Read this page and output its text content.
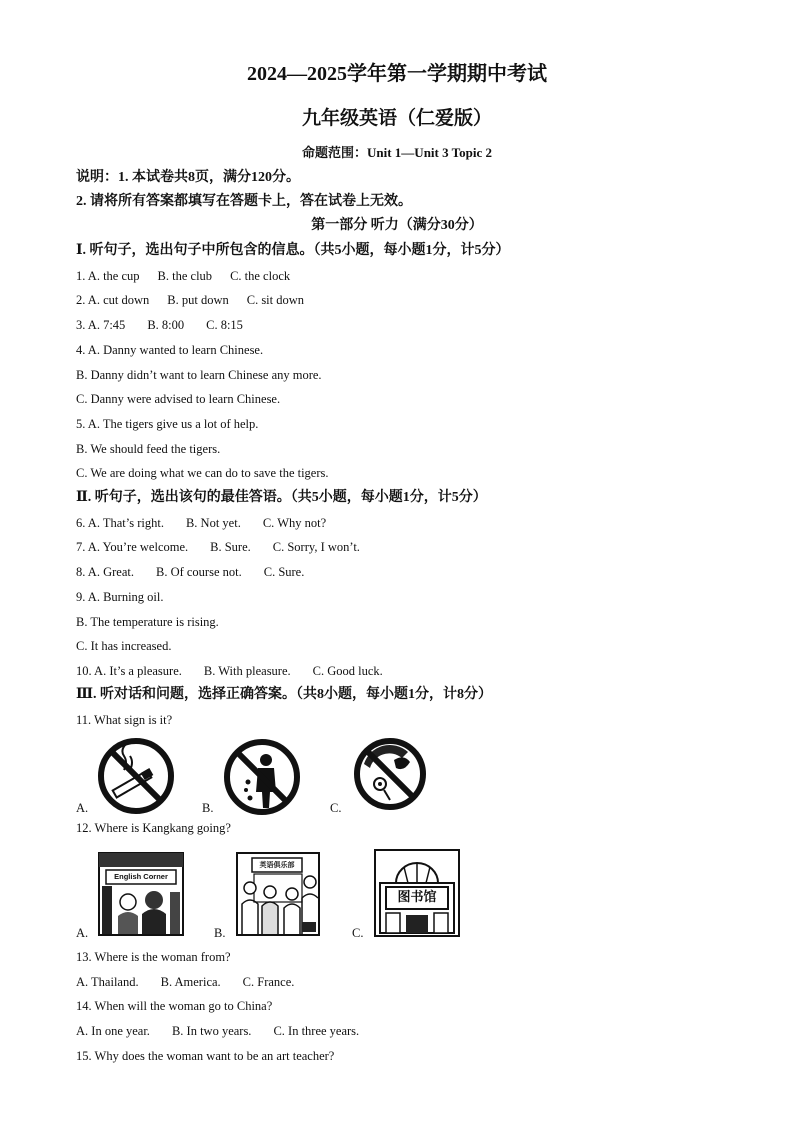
2024—2025学年第一学期期中考试
九年级英语（仁爱版）
命题范围：Unit 1—Unit 3 Topic 2
说明：1. 本试卷共8页，满分120分。
2. 请将所有答案都填写在答题卡上，答在试卷上无效。
第一部分 听力（满分30分）
Ⅰ. 听句子，选出句子中所包含的信息。（共5小题，每小题1分，计5分）
1. A. the cup B. the club C. the clock
2. A. cut down B. put down C. sit down
3. A. 7:45 B. 8:00 C. 8:15
4. A. Danny wanted to learn Chinese.
B. Danny didn’t want to learn Chinese any more.
C. Danny were advised to learn Chinese.
5. A. The tigers give us a lot of help.
B. We should feed the tigers.
C. We are doing what we can do to save the tigers.
Ⅱ. 听句子，选出该句的最佳答语。（共5小题，每小题1分，计5分）
6. A. That’s right. B. Not yet. C. Why not?
7. A. You’re welcome. B. Sure. C. Sorry, I won’t.
8. A. Great. B. Of course not. C. Sure.
9. A. Burning oil.
B. The temperature is rising.
C. It has increased.
10. A. It’s a pleasure. B. With pleasure. C. Good luck.
Ⅲ. 听对话和问题，选择正确答案。（共8小题，每小题1分，计8分）
11. What sign is it?
A.	B.	C.
12. Where is Kangkang going?
A.	B.	C.
English Corner
英语俱乐部
图书馆
13. Where is the woman from?
A. Thailand. B. America. C. France.
14. When will the woman go to China?
A. In one year. B. In two years. C. In three years.
15. Why does the woman want to be an art teacher?
